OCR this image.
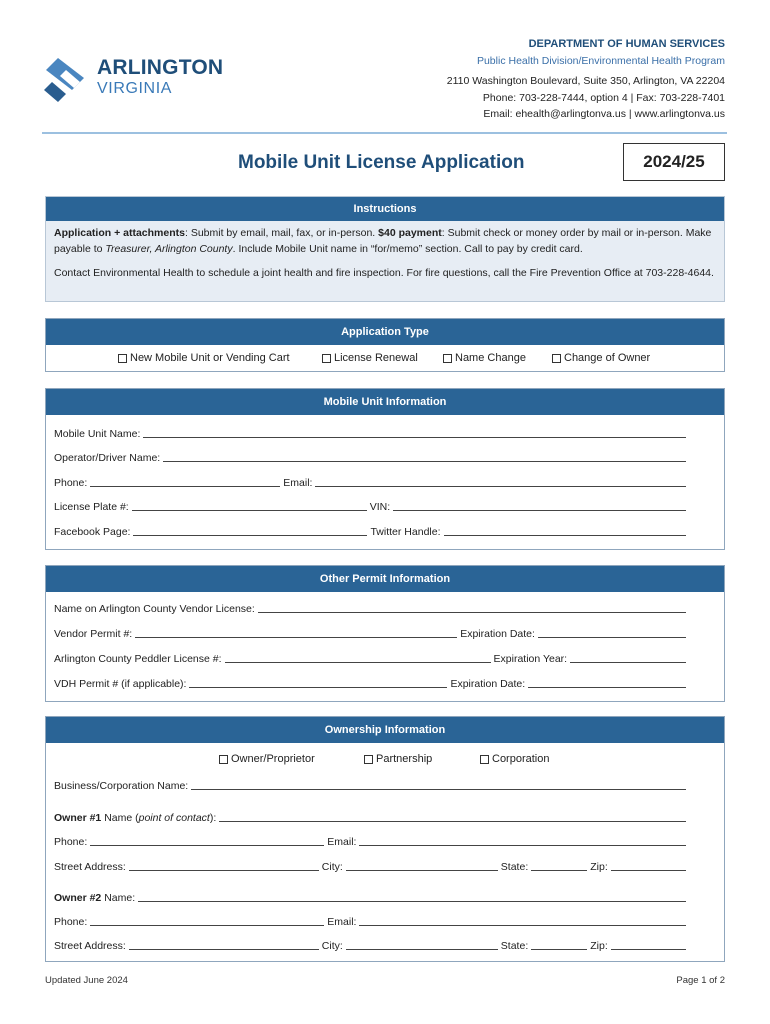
ARLINGTON
VIRGINIA
DEPARTMENT OF HUMAN SERVICES
Public Health Division/Environmental Health Program
2110 Washington Boulevard, Suite 350, Arlington, VA 22204
Phone: 703-228-7444, option 4 | Fax: 703-228-7401
Email: ehealth@arlingtonva.us | www.arlingtonva.us
Mobile Unit License Application	2024/25
Instructions

Application + attachments: Submit by email, mail, fax, or in-person. $40 payment: Submit check or money order by mail or in-person. Make payable to Treasurer, Arlington County. Include Mobile Unit name in “for/memo” section. Call to pay by credit card.

Contact Environmental Health to schedule a joint health and fire inspection. For fire questions, call the Fire Prevention Office at 703-228-4644.

Application Type
New Mobile Unit or Vending Cart	License Renewal	Name Change	Change of Owner
Mobile Unit Information
Mobile Unit Name:
Operator/Driver Name:
Phone:	Email:
License Plate #:	VIN:
Facebook Page:	Twitter Handle:
Other Permit Information
Name on Arlington County Vendor License:
Vendor Permit #:	Expiration Date:
Arlington County Peddler License #:	Expiration Year:
VDH Permit # (if applicable):	Expiration Date:
Ownership Information
Owner/Proprietor	Partnership	Corporation
Business/Corporation Name:
Owner #1 Name (point of contact):
Phone:	Email:
Street Address:	City:	State:	Zip:
Owner #2 Name:
Phone:	Email:
Street Address:	City:	State:	Zip:
Updated June 2024	Page 1 of 2
